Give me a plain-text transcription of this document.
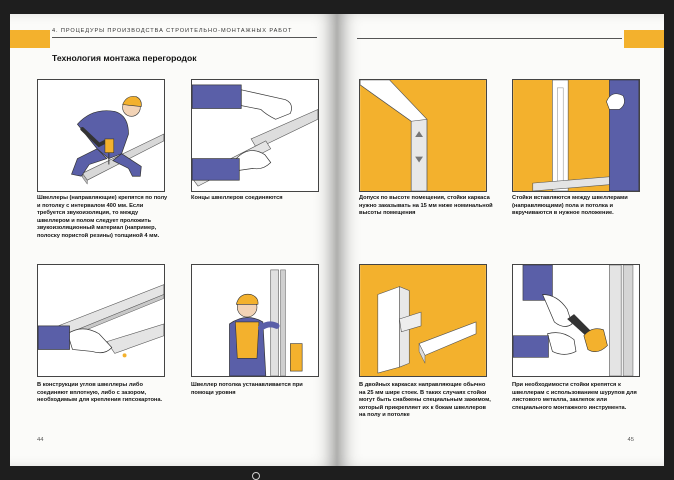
4. ПРОЦЕДУРЫ ПРОИЗВОДСТВА СТРОИТЕЛЬНО-МОНТАЖНЫХ РАБОТ
Технология монтажа перегородок
Швеллеры (направляющие) крепятся по полу и потолку с интервалом 400 мм. Если требуется звукоизоляция, то между швеллером и полом следует проложить звукоизоляционный материал (например, полоску пористой резины) толщиной 4 мм.
Концы швеллеров соединяются
В конструкции углов швеллеры либо соединяют вплотную, либо с зазором, необходимым для крепления гипсокартона.
Швеллер потолка устанавливается при помощи уровня
44
Допуск по высоте помещения, стойки каркаса нужно заказывать на 15 мм ниже номинальной высоты помещения
Стойки вставляются между швеллерами (направляющими) пола и потолка и вкручиваются в нужное положение.
В двойных каркасах направляющие обычно на 25 мм шире стоек. В таких случаях стойки могут быть снабжены специальным зажимом, который прикрепляет их к бокам швеллеров на полу и потолке
При необходимости стойки крепятся к швеллерам с использованием шурупов для листового металла, заклепок или специального монтажного инструмента.
45
